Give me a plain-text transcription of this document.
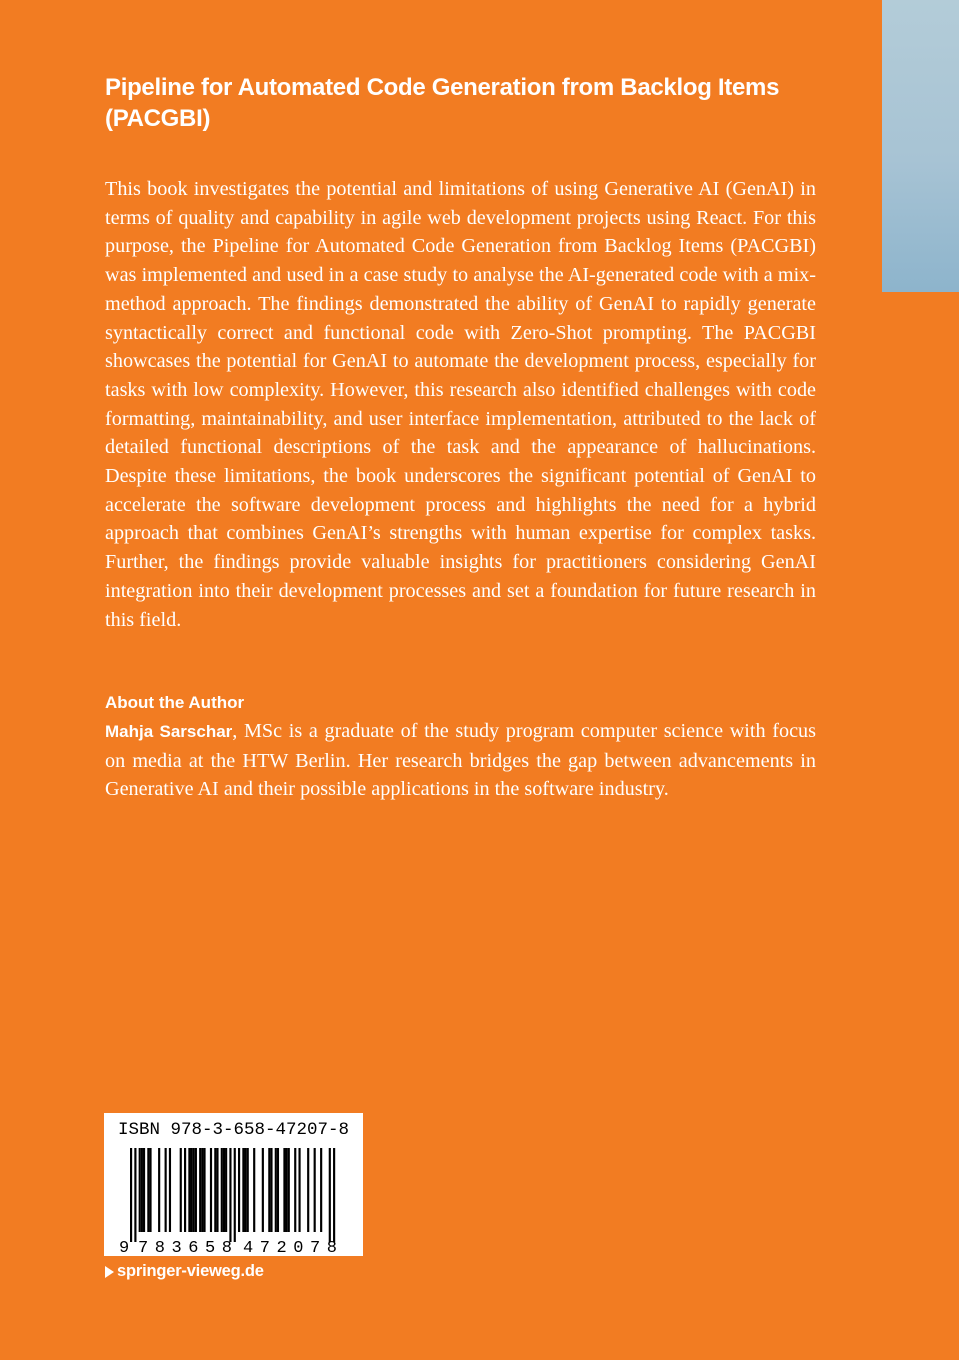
Pipeline for Automated Code Generation from Backlog Items (PACGBI)

This book investigates the potential and limitations of using Generative AI (GenAI) in terms of quality and capability in agile web development projects using React. For this purpose, the Pipeline for Automated Code Generation from Backlog Items (PACGBI) was implemented and used in a case study to analyse the AI-generated code with a mix-method approach. The findings demonstrated the ability of GenAI to rapidly generate syntactically correct and functional code with Zero-Shot prompting. The PACGBI showcases the potential for GenAI to automate the development process, especially for tasks with low complexity. However, this research also identified challenges with code formatting, maintainability, and user interface implementation, attributed to the lack of detailed functional descriptions of the task and the appearance of hallucinations. Despite these limitations, the book underscores the significant potential of GenAI to accelerate the software development process and highlights the need for a hybrid approach that combines GenAI’s strengths with human expertise for complex tasks. Further, the findings provide valuable insights for practitioners considering GenAI integration into their development processes and set a foundation for future research in this field.

About the Author

Mahja Sarschar, MSc is a graduate of the study program computer science with focus on media at the HTW Berlin. Her research bridges the gap between advancements in Generative AI and their possible applications in the software industry.

ISBN 978-3-658-47207-8
9 783658 472078
springer-vieweg.de
